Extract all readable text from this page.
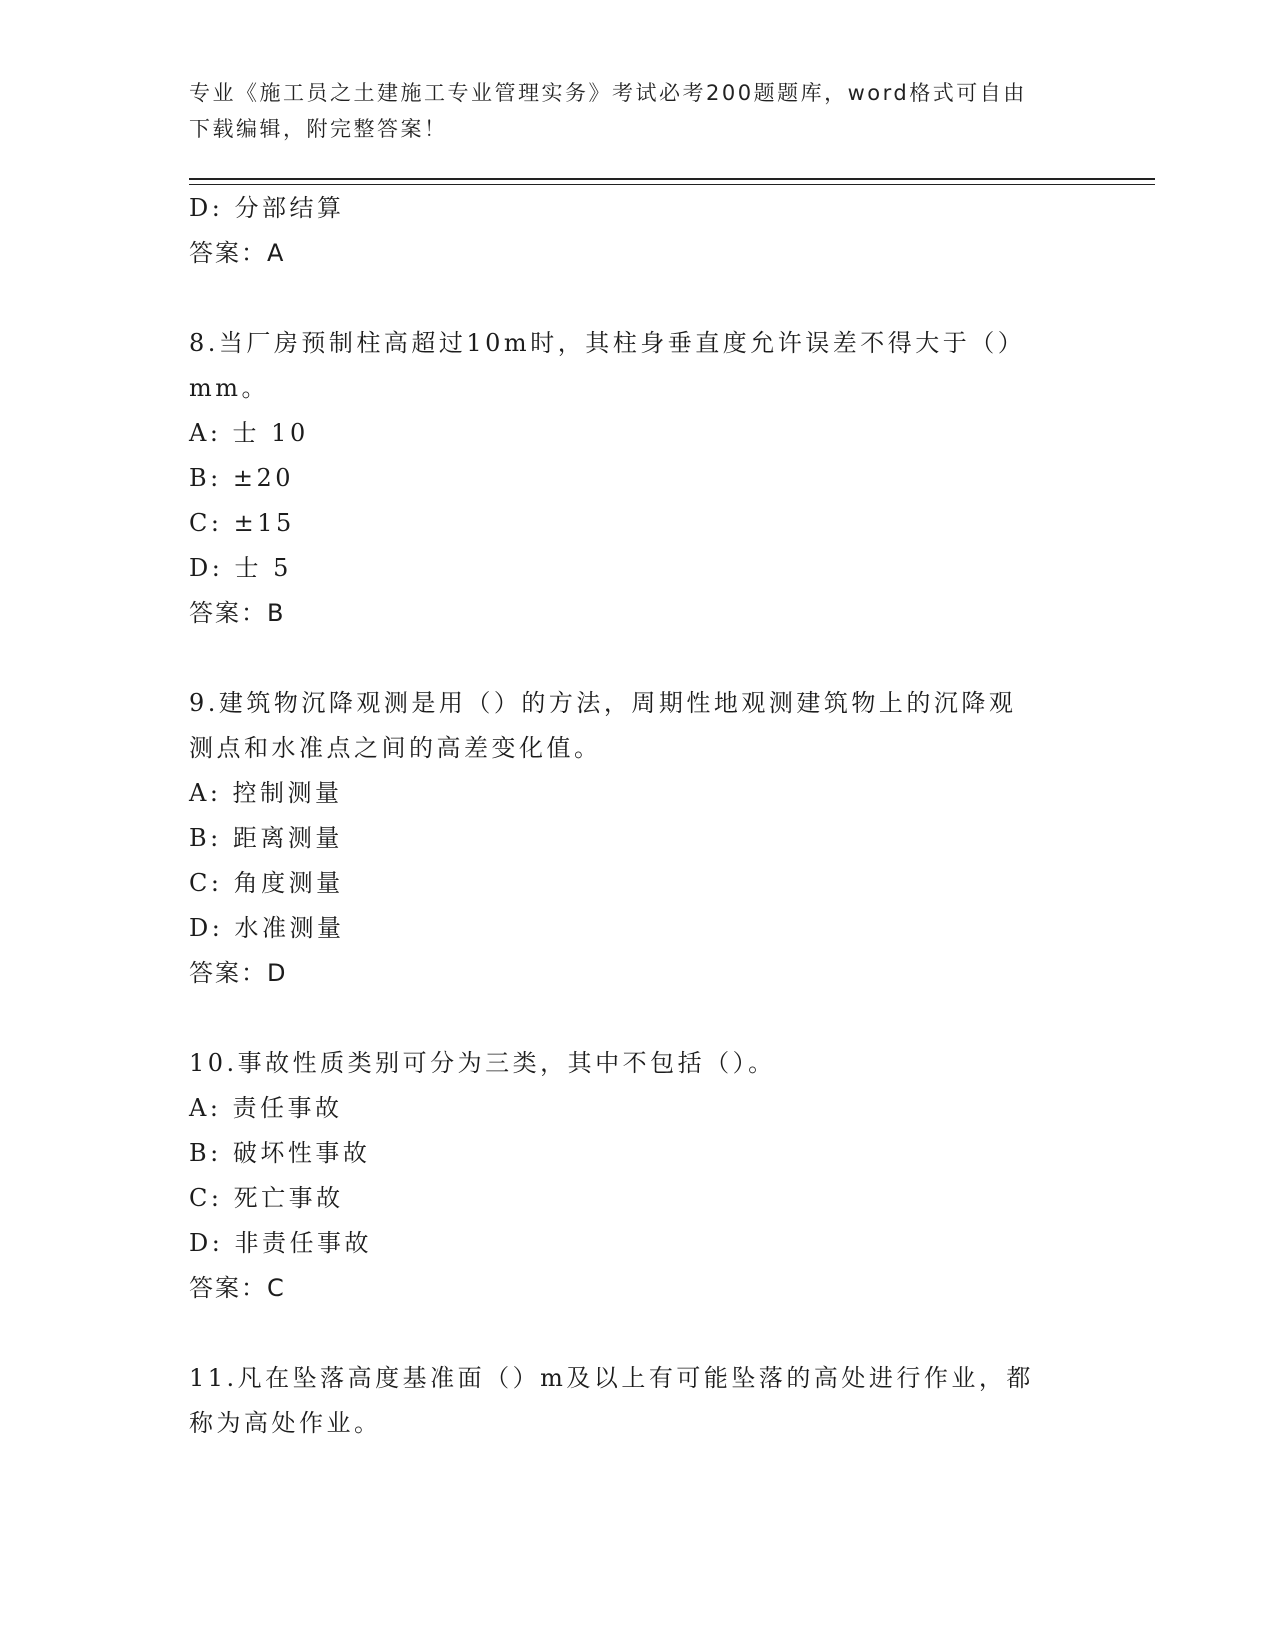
专业《施工员之土建施工专业管理实务》考试必考200题题库，word格式可自由
下载编辑，附完整答案！
D: 分部结算
答案：A
8.当厂房预制柱高超过10m时，其柱身垂直度允许误差不得大于（）
mm。
A: 士 10
B: ±20
C: ±15
D: 士 5
答案：B
9.建筑物沉降观测是用（）的方法，周期性地观测建筑物上的沉降观
测点和水准点之间的高差变化值。
A: 控制测量
B: 距离测量
C: 角度测量
D: 水准测量
答案：D
10.事故性质类别可分为三类，其中不包括（）。
A: 责任事故
B: 破坏性事故
C: 死亡事故
D: 非责任事故
答案：C
11.凡在坠落高度基准面（）m及以上有可能坠落的高处进行作业，都
称为高处作业。
